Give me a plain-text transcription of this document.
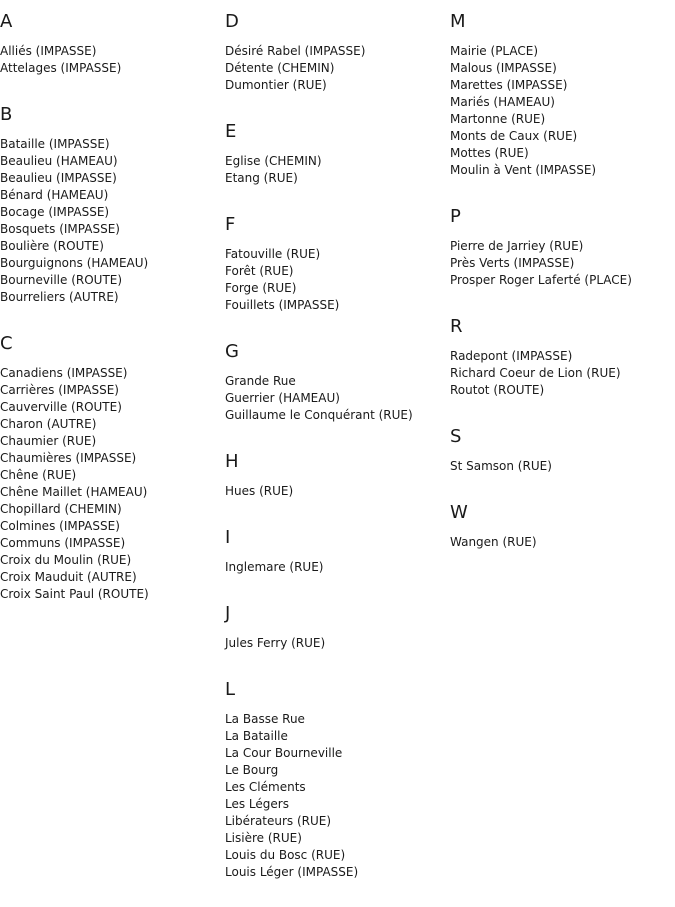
A
Alliés (IMPASSE)
Attelages (IMPASSE)
B
Bataille (IMPASSE)
Beaulieu (HAMEAU)
Beaulieu (IMPASSE)
Bénard (HAMEAU)
Bocage (IMPASSE)
Bosquets (IMPASSE)
Boulière (ROUTE)
Bourguignons (HAMEAU)
Bourneville (ROUTE)
Bourreliers (AUTRE)
C
Canadiens (IMPASSE)
Carrières (IMPASSE)
Cauverville (ROUTE)
Charon (AUTRE)
Chaumier (RUE)
Chaumières (IMPASSE)
Chêne (RUE)
Chêne Maillet (HAMEAU)
Chopillard (CHEMIN)
Colmines (IMPASSE)
Communs (IMPASSE)
Croix du Moulin (RUE)
Croix Mauduit (AUTRE)
Croix Saint Paul (ROUTE)
D
Désiré Rabel (IMPASSE)
Détente (CHEMIN)
Dumontier (RUE)
E
Eglise (CHEMIN)
Etang (RUE)
F
Fatouville (RUE)
Forêt (RUE)
Forge (RUE)
Fouillets (IMPASSE)
G
Grande Rue
Guerrier (HAMEAU)
Guillaume le Conquérant (RUE)
H
Hues (RUE)
I
Inglemare (RUE)
J
Jules Ferry (RUE)
L
La Basse Rue
La Bataille
La Cour Bourneville
Le Bourg
Les Cléments
Les Légers
Libérateurs (RUE)
Lisière (RUE)
Louis du Bosc (RUE)
Louis Léger (IMPASSE)
M
Mairie (PLACE)
Malous (IMPASSE)
Marettes (IMPASSE)
Mariés (HAMEAU)
Martonne (RUE)
Monts de Caux (RUE)
Mottes (RUE)
Moulin à Vent (IMPASSE)
P
Pierre de Jarriey (RUE)
Près Verts (IMPASSE)
Prosper Roger Laferté (PLACE)
R
Radepont (IMPASSE)
Richard Coeur de Lion (RUE)
Routot (ROUTE)
S
St Samson (RUE)
W
Wangen (RUE)
